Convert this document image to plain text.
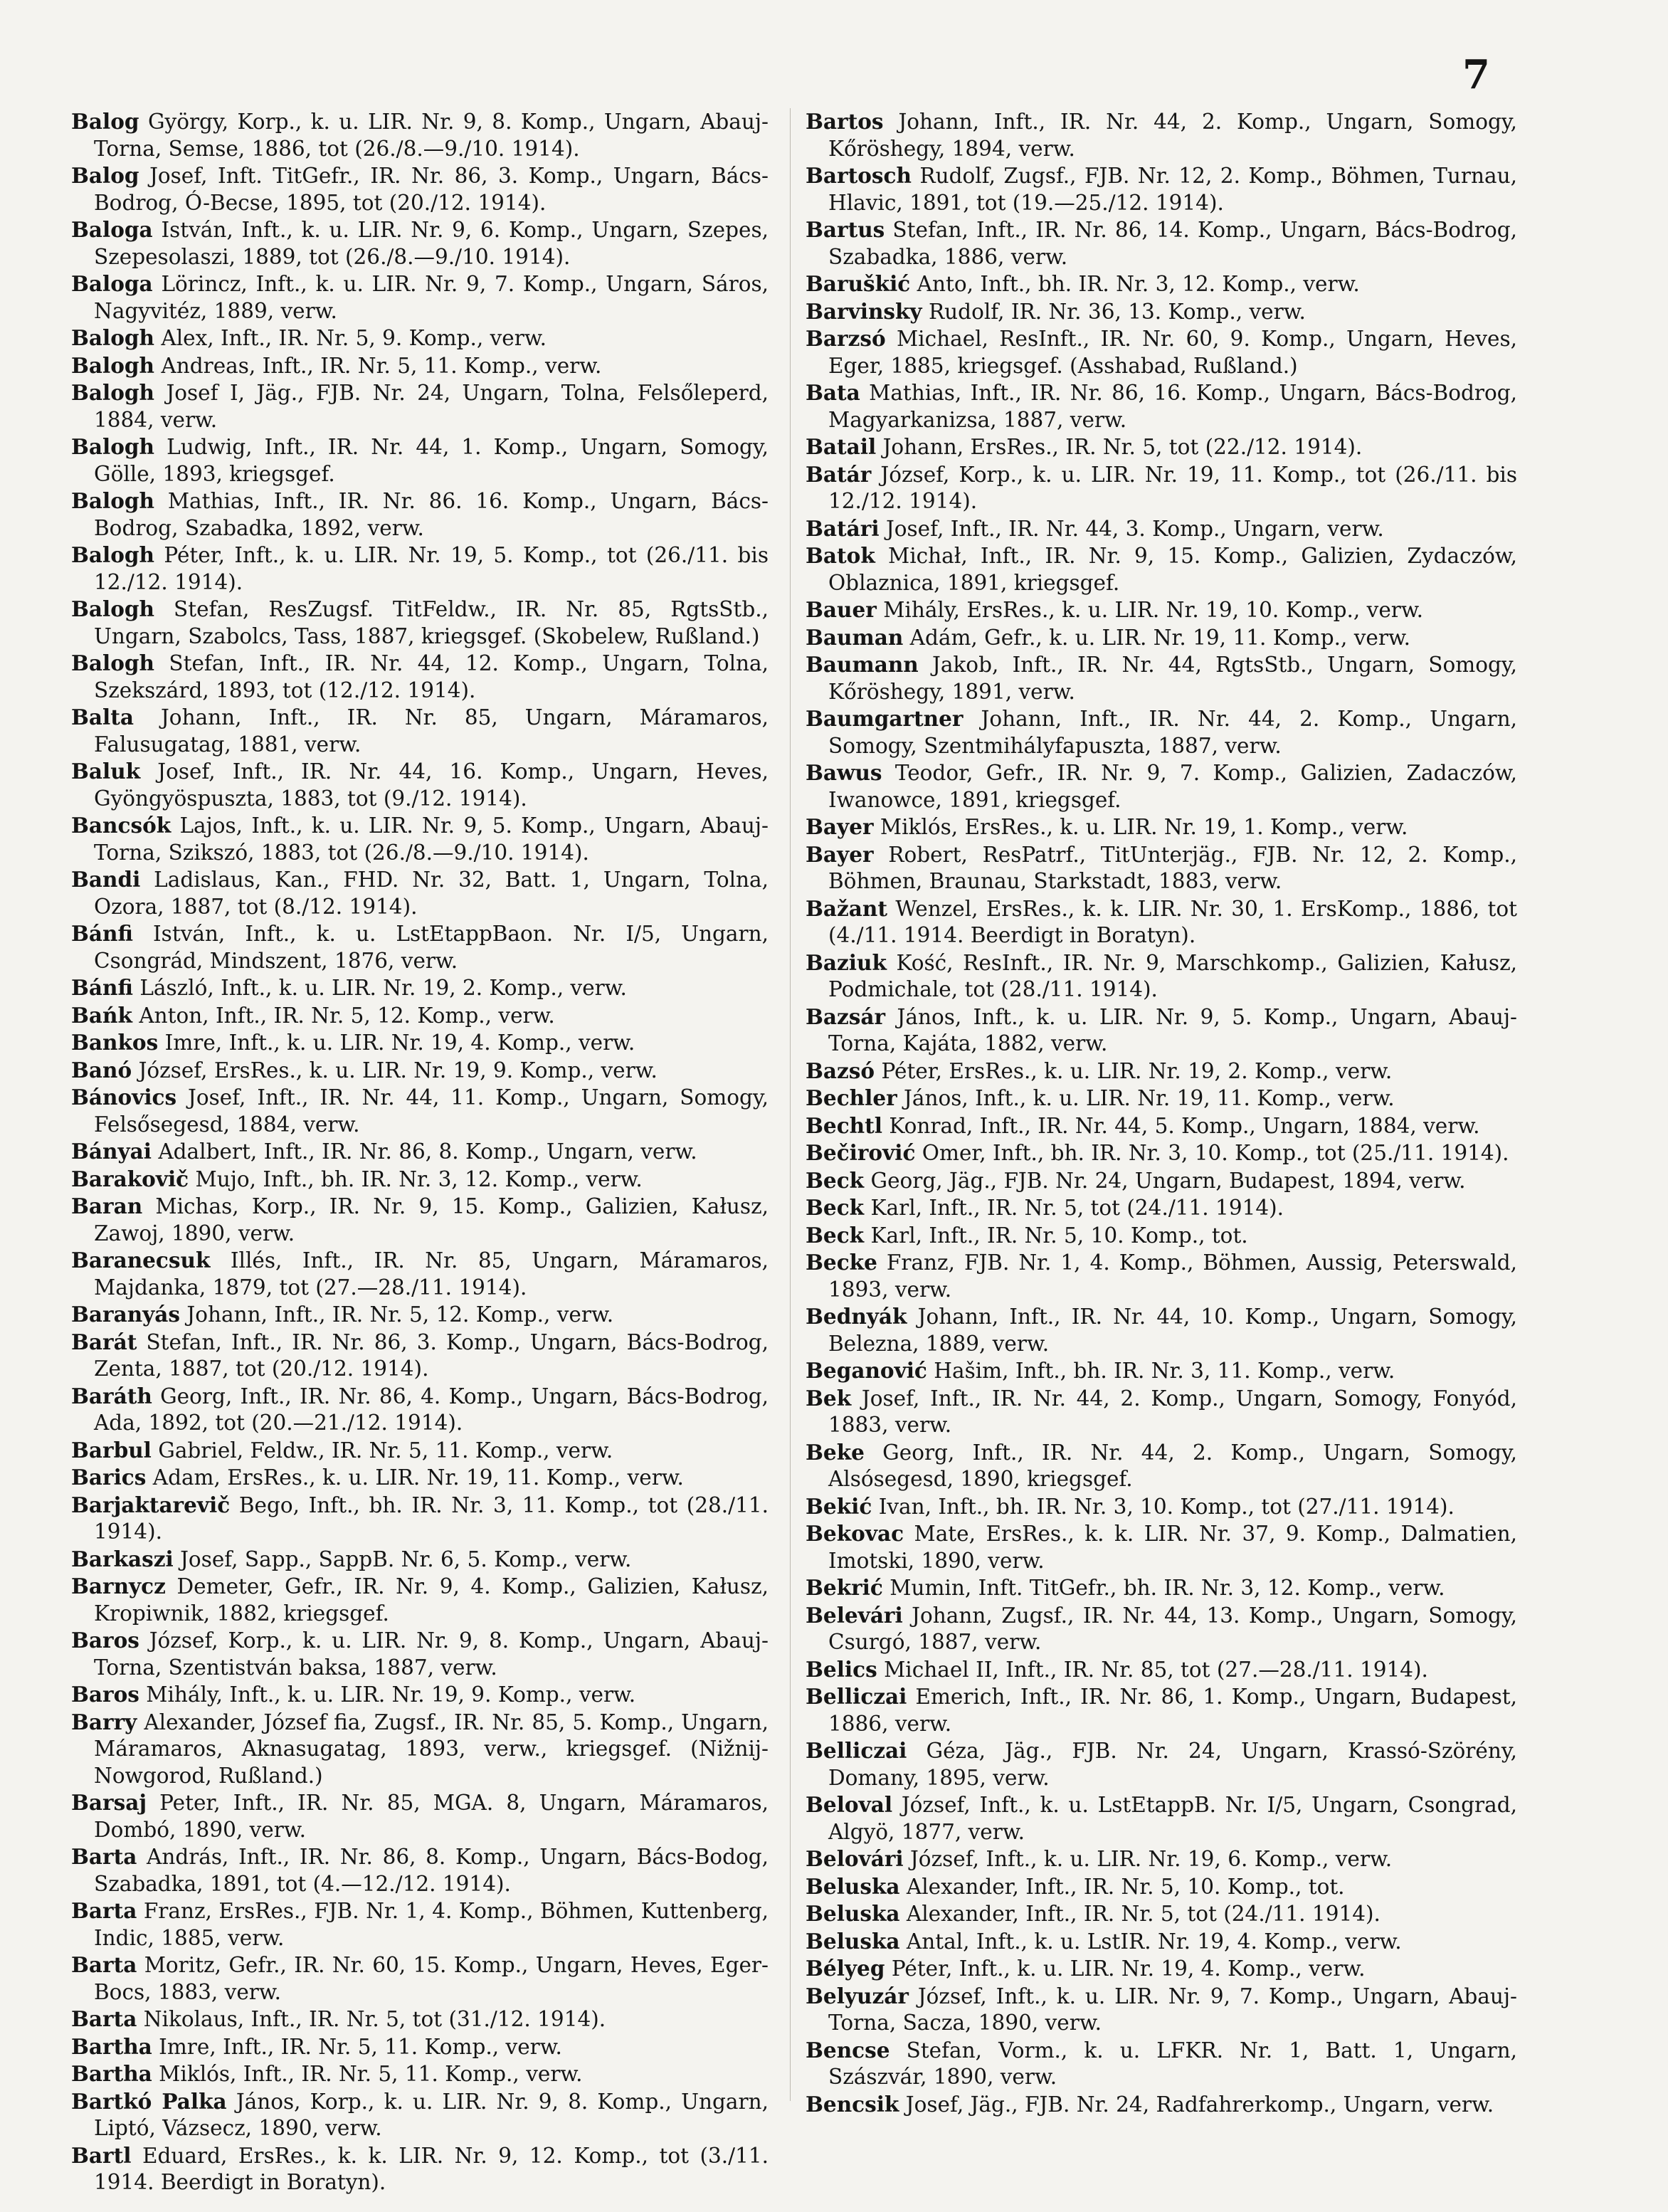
7

Balog György, Korp., k. u. LIR. Nr. 9, 8. Komp., Ungarn, Abauj-Torna, Semse, 1886, tot (26./8.—9./10. 1914).

Balog Josef, Inft. TitGefr., IR. Nr. 86, 3. Komp., Ungarn, Bács-Bodrog, Ó-Becse, 1895, tot (20./12. 1914).

Baloga István, Inft., k. u. LIR. Nr. 9, 6. Komp., Ungarn, Szepes, Szepesolaszi, 1889, tot (26./8.—9./10. 1914).

Baloga Lörincz, Inft., k. u. LIR. Nr. 9, 7. Komp., Ungarn, Sáros, Nagyvitéz, 1889, verw.

Balogh Alex, Inft., IR. Nr. 5, 9. Komp., verw.

Balogh Andreas, Inft., IR. Nr. 5, 11. Komp., verw.

Balogh Josef I, Jäg., FJB. Nr. 24, Ungarn, Tolna, Felsőleperd, 1884, verw.

Balogh Ludwig, Inft., IR. Nr. 44, 1. Komp., Ungarn, Somogy, Gölle, 1893, kriegsgef.

Balogh Mathias, Inft., IR. Nr. 86. 16. Komp., Ungarn, Bács-Bodrog, Szabadka, 1892, verw.

Balogh Péter, Inft., k. u. LIR. Nr. 19, 5. Komp., tot (26./11. bis 12./12. 1914).

Balogh Stefan, ResZugsf. TitFeldw., IR. Nr. 85, RgtsStb., Ungarn, Szabolcs, Tass, 1887, kriegsgef. (Skobelew, Rußland.)

Balogh Stefan, Inft., IR. Nr. 44, 12. Komp., Ungarn, Tolna, Szekszárd, 1893, tot (12./12. 1914).

Balta Johann, Inft., IR. Nr. 85, Ungarn, Máramaros, Falusugatag, 1881, verw.

Baluk Josef, Inft., IR. Nr. 44, 16. Komp., Ungarn, Heves, Gyöngyöspuszta, 1883, tot (9./12. 1914).

Bancsók Lajos, Inft., k. u. LIR. Nr. 9, 5. Komp., Ungarn, Abauj-Torna, Szikszó, 1883, tot (26./8.—9./10. 1914).

Bandi Ladislaus, Kan., FHD. Nr. 32, Batt. 1, Ungarn, Tolna, Ozora, 1887, tot (8./12. 1914).

Bánfi István, Inft., k. u. LstEtappBaon. Nr. I/5, Ungarn, Csongrád, Mindszent, 1876, verw.

Bánfi László, Inft., k. u. LIR. Nr. 19, 2. Komp., verw.

Bańk Anton, Inft., IR. Nr. 5, 12. Komp., verw.

Bankos Imre, Inft., k. u. LIR. Nr. 19, 4. Komp., verw.

Banó József, ErsRes., k. u. LIR. Nr. 19, 9. Komp., verw.

Bánovics Josef, Inft., IR. Nr. 44, 11. Komp., Ungarn, Somogy, Felsősegesd, 1884, verw.

Bányai Adalbert, Inft., IR. Nr. 86, 8. Komp., Ungarn, verw.

Barakovič Mujo, Inft., bh. IR. Nr. 3, 12. Komp., verw.

Baran Michas, Korp., IR. Nr. 9, 15. Komp., Galizien, Kałusz, Zawoj, 1890, verw.

Baranecsuk Illés, Inft., IR. Nr. 85, Ungarn, Máramaros, Majdanka, 1879, tot (27.—28./11. 1914).

Baranyás Johann, Inft., IR. Nr. 5, 12. Komp., verw.

Barát Stefan, Inft., IR. Nr. 86, 3. Komp., Ungarn, Bács-Bodrog, Zenta, 1887, tot (20./12. 1914).

Baráth Georg, Inft., IR. Nr. 86, 4. Komp., Ungarn, Bács-Bodrog, Ada, 1892, tot (20.—21./12. 1914).

Barbul Gabriel, Feldw., IR. Nr. 5, 11. Komp., verw.

Barics Adam, ErsRes., k. u. LIR. Nr. 19, 11. Komp., verw.

Barjaktarevič Bego, Inft., bh. IR. Nr. 3, 11. Komp., tot (28./11. 1914).

Barkaszi Josef, Sapp., SappB. Nr. 6, 5. Komp., verw.

Barnycz Demeter, Gefr., IR. Nr. 9, 4. Komp., Galizien, Kałusz, Kropiwnik, 1882, kriegsgef.

Baros József, Korp., k. u. LIR. Nr. 9, 8. Komp., Ungarn, Abauj-Torna, Szentistván baksa, 1887, verw.

Baros Mihály, Inft., k. u. LIR. Nr. 19, 9. Komp., verw.

Barry Alexander, József fia, Zugsf., IR. Nr. 85, 5. Komp., Ungarn, Máramaros, Aknasugatag, 1893, verw., kriegsgef. (Nižnij-Nowgorod, Rußland.)

Barsaj Peter, Inft., IR. Nr. 85, MGA. 8, Ungarn, Máramaros, Dombó, 1890, verw.

Barta András, Inft., IR. Nr. 86, 8. Komp., Ungarn, Bács-Bodog, Szabadka, 1891, tot (4.—12./12. 1914).

Barta Franz, ErsRes., FJB. Nr. 1, 4. Komp., Böhmen, Kuttenberg, Indic, 1885, verw.

Barta Moritz, Gefr., IR. Nr. 60, 15. Komp., Ungarn, Heves, Eger-Bocs, 1883, verw.

Barta Nikolaus, Inft., IR. Nr. 5, tot (31./12. 1914).

Bartha Imre, Inft., IR. Nr. 5, 11. Komp., verw.

Bartha Miklós, Inft., IR. Nr. 5, 11. Komp., verw.

Bartkó Palka János, Korp., k. u. LIR. Nr. 9, 8. Komp., Ungarn, Liptó, Vázsecz, 1890, verw.

Bartl Eduard, ErsRes., k. k. LIR. Nr. 9, 12. Komp., tot (3./11. 1914. Beerdigt in Boratyn).

Bartos Johann, Inft., IR. Nr. 44, 2. Komp., Ungarn, Somogy, Kőröshegy, 1894, verw.

Bartosch Rudolf, Zugsf., FJB. Nr. 12, 2. Komp., Böhmen, Turnau, Hlavic, 1891, tot (19.—25./12. 1914).

Bartus Stefan, Inft., IR. Nr. 86, 14. Komp., Ungarn, Bács-Bodrog, Szabadka, 1886, verw.

Baruškić Anto, Inft., bh. IR. Nr. 3, 12. Komp., verw.

Barvinsky Rudolf, IR. Nr. 36, 13. Komp., verw.

Barzsó Michael, ResInft., IR. Nr. 60, 9. Komp., Ungarn, Heves, Eger, 1885, kriegsgef. (Asshabad, Rußland.)

Bata Mathias, Inft., IR. Nr. 86, 16. Komp., Ungarn, Bács-Bodrog, Magyarkanizsa, 1887, verw.

Batail Johann, ErsRes., IR. Nr. 5, tot (22./12. 1914).

Batár József, Korp., k. u. LIR. Nr. 19, 11. Komp., tot (26./11. bis 12./12. 1914).

Batári Josef, Inft., IR. Nr. 44, 3. Komp., Ungarn, verw.

Batok Michał, Inft., IR. Nr. 9, 15. Komp., Galizien, Zydaczów, Oblaznica, 1891, kriegsgef.

Bauer Mihály, ErsRes., k. u. LIR. Nr. 19, 10. Komp., verw.

Bauman Adám, Gefr., k. u. LIR. Nr. 19, 11. Komp., verw.

Baumann Jakob, Inft., IR. Nr. 44, RgtsStb., Ungarn, Somogy, Kőröshegy, 1891, verw.

Baumgartner Johann, Inft., IR. Nr. 44, 2. Komp., Ungarn, Somogy, Szentmihályfapuszta, 1887, verw.

Bawus Teodor, Gefr., IR. Nr. 9, 7. Komp., Galizien, Zadaczów, Iwanowce, 1891, kriegsgef.

Bayer Miklós, ErsRes., k. u. LIR. Nr. 19, 1. Komp., verw.

Bayer Robert, ResPatrf., TitUnterjäg., FJB. Nr. 12, 2. Komp., Böhmen, Braunau, Starkstadt, 1883, verw.

Bažant Wenzel, ErsRes., k. k. LIR. Nr. 30, 1. ErsKomp., 1886, tot (4./11. 1914. Beerdigt in Boratyn).

Baziuk Kość, ResInft., IR. Nr. 9, Marschkomp., Galizien, Kałusz, Podmichale, tot (28./11. 1914).

Bazsár János, Inft., k. u. LIR. Nr. 9, 5. Komp., Ungarn, Abauj-Torna, Kajáta, 1882, verw.

Bazsó Péter, ErsRes., k. u. LIR. Nr. 19, 2. Komp., verw.

Bechler János, Inft., k. u. LIR. Nr. 19, 11. Komp., verw.

Bechtl Konrad, Inft., IR. Nr. 44, 5. Komp., Ungarn, 1884, verw.

Bečirović Omer, Inft., bh. IR. Nr. 3, 10. Komp., tot (25./11. 1914).

Beck Georg, Jäg., FJB. Nr. 24, Ungarn, Budapest, 1894, verw.

Beck Karl, Inft., IR. Nr. 5, tot (24./11. 1914).

Beck Karl, Inft., IR. Nr. 5, 10. Komp., tot.

Becke Franz, FJB. Nr. 1, 4. Komp., Böhmen, Aussig, Peterswald, 1893, verw.

Bednyák Johann, Inft., IR. Nr. 44, 10. Komp., Ungarn, Somogy, Belezna, 1889, verw.

Beganović Hašim, Inft., bh. IR. Nr. 3, 11. Komp., verw.

Bek Josef, Inft., IR. Nr. 44, 2. Komp., Ungarn, Somogy, Fonyód, 1883, verw.

Beke Georg, Inft., IR. Nr. 44, 2. Komp., Ungarn, Somogy, Alsósegesd, 1890, kriegsgef.

Bekić Ivan, Inft., bh. IR. Nr. 3, 10. Komp., tot (27./11. 1914).

Bekovac Mate, ErsRes., k. k. LIR. Nr. 37, 9. Komp., Dalmatien, Imotski, 1890, verw.

Bekrić Mumin, Inft. TitGefr., bh. IR. Nr. 3, 12. Komp., verw.

Belevári Johann, Zugsf., IR. Nr. 44, 13. Komp., Ungarn, Somogy, Csurgó, 1887, verw.

Belics Michael II, Inft., IR. Nr. 85, tot (27.—28./11. 1914).

Belliczai Emerich, Inft., IR. Nr. 86, 1. Komp., Ungarn, Budapest, 1886, verw.

Belliczai Géza, Jäg., FJB. Nr. 24, Ungarn, Krassó-Szörény, Domany, 1895, verw.

Beloval József, Inft., k. u. LstEtappB. Nr. I/5, Ungarn, Csongrad, Algyö, 1877, verw.

Belovári József, Inft., k. u. LIR. Nr. 19, 6. Komp., verw.

Beluska Alexander, Inft., IR. Nr. 5, 10. Komp., tot.

Beluska Alexander, Inft., IR. Nr. 5, tot (24./11. 1914).

Beluska Antal, Inft., k. u. LstIR. Nr. 19, 4. Komp., verw.

Bélyeg Péter, Inft., k. u. LIR. Nr. 19, 4. Komp., verw.

Belyuzár József, Inft., k. u. LIR. Nr. 9, 7. Komp., Ungarn, Abauj-Torna, Sacza, 1890, verw.

Bencse Stefan, Vorm., k. u. LFKR. Nr. 1, Batt. 1, Ungarn, Szászvár, 1890, verw.

Bencsik Josef, Jäg., FJB. Nr. 24, Radfahrerkomp., Ungarn, verw.
